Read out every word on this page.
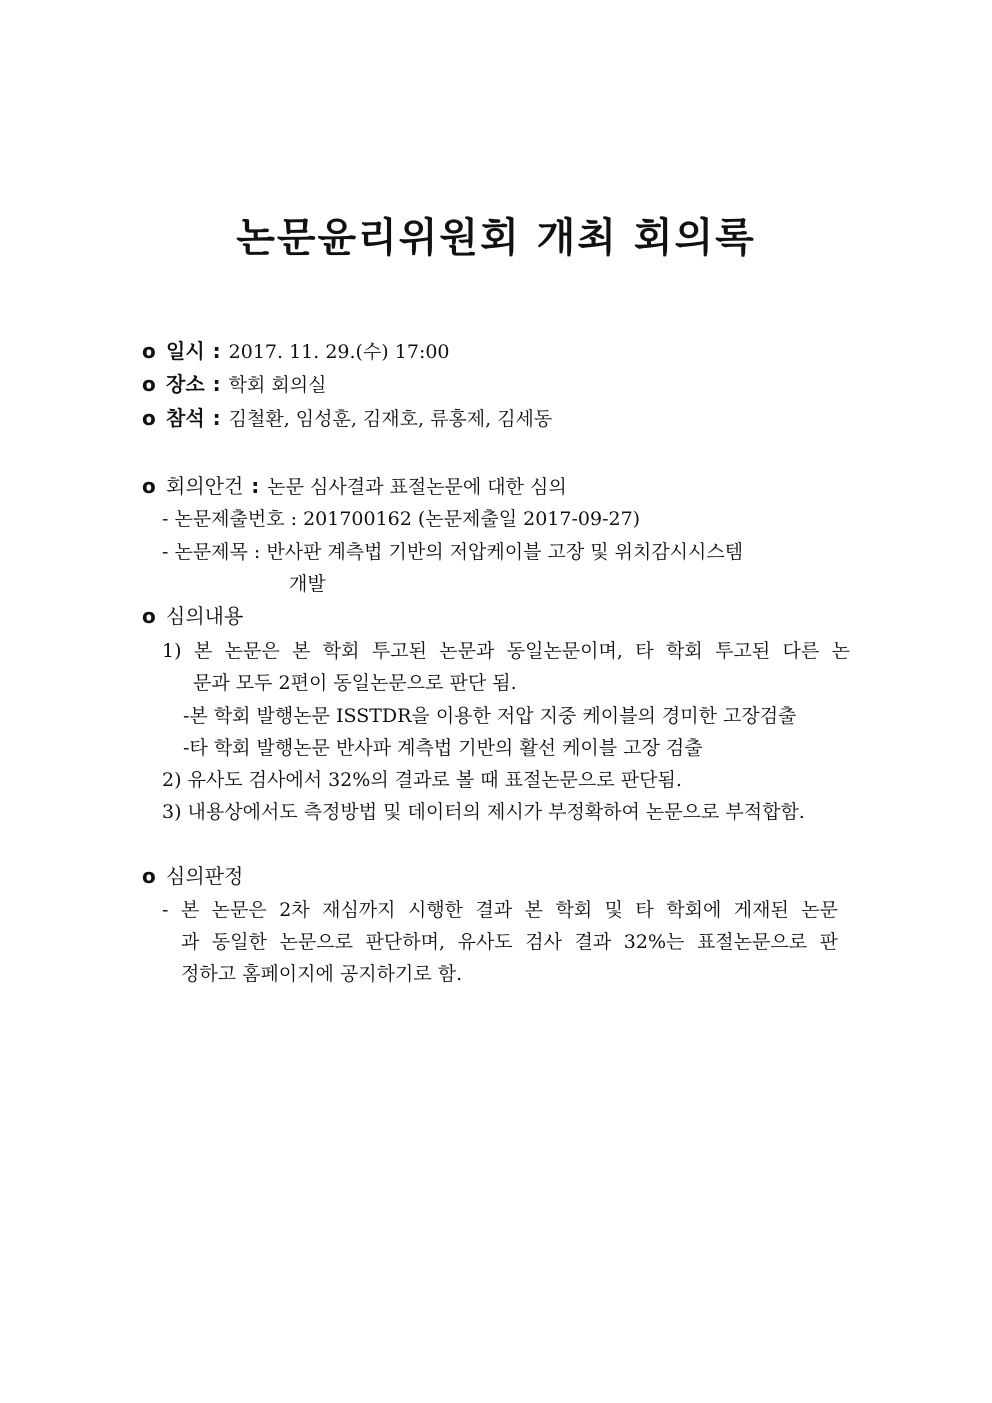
논문윤리위원회 개최 회의록
o 일시 : 2017. 11. 29.(수) 17:00
o 장소 : 학회 회의실
o 참석 : 김철환, 임성훈, 김재호, 류홍제, 김세동
o 회의안건 : 논문 심사결과 표절논문에 대한 심의
- 논문제출번호 : 201700162 (논문제출일 2017-09-27)
- 논문제목 : 반사판 계측법 기반의 저압케이블 고장 및 위치감시시스템
개발
o 심의내용
1) 본 논문은 본 학회 투고된 논문과 동일논문이며, 타 학회 투고된 다른 논
문과 모두 2편이 동일논문으로 판단 됨.
-본 학회 발행논문 ISSTDR을 이용한 저압 지중 케이블의 경미한 고장검출
-타 학회 발행논문 반사파 계측법 기반의 활선 케이블 고장 검출
2) 유사도 검사에서 32%의 결과로 볼 때 표절논문으로 판단됨.
3) 내용상에서도 측정방법 및 데이터의 제시가 부정확하여 논문으로 부적합함.
o 심의판정
- 본 논문은 2차 재심까지 시행한 결과 본 학회 및 타 학회에 게재된 논문
과 동일한 논문으로 판단하며, 유사도 검사 결과 32%는 표절논문으로 판
정하고 홈페이지에 공지하기로 함.
